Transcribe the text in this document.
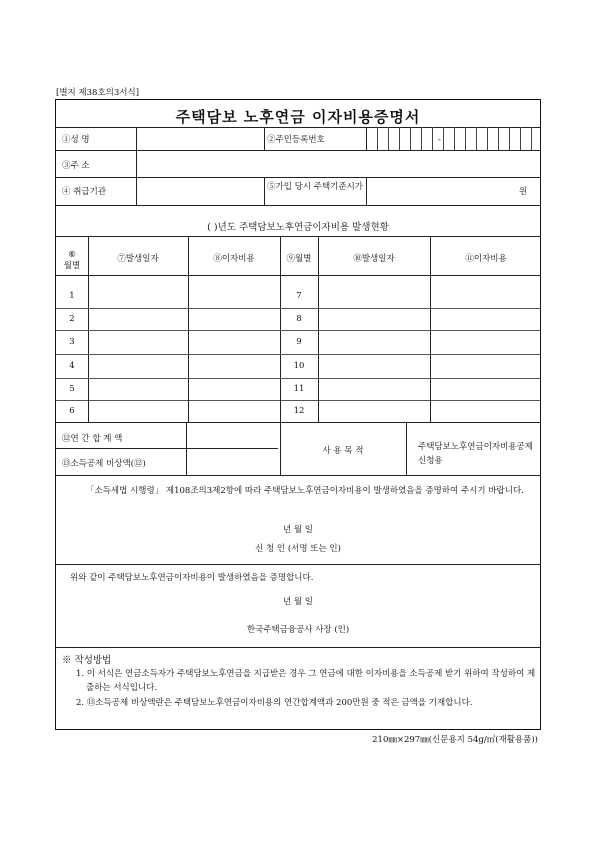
[별지 제38호의3서식]
주택담보 노후연금 이자비용증명서
①성 명	②주민등록번호	-
③주 소
④ 취급기관	⑤가입 당시 주택기준시가	원
( )년도 주택담보노후연금이자비용 발생현황
⑥
월별
⑦발생일자	⑧이자비용	⑨월별	⑩발생일자	⑪이자비용
1	7
2	8
3	9
4	10
5	11
6	12
⑫연 간 합 계 액
⑬소득공제 비상액(⑫)
사 용 목 적	주택담보노후연금이자비용공제 신청용
「소득세법 시행령」 제108조의3제2항에 따라 주택담보노후연금이자비용이 발생하였음을 증명하여 주시기 바랍니다.
년 월 일
신 청 인 (서명 또는 인)
위와 같이 주택담보노후연금이자비용이 발생하였음을 증명합니다.
년 월 일
한국주택금융공사 사장 (인)
※ 작성방법
1. 이 서식은 연금소득자가 주택담보노후연금을 지급받은 경우 그 연금에 대한 이자비용을 소득공제 받기 위하여 작성하여 제출하는 서식입니다.
2. ⑬소득공제 비상액란은 주택담보노후연금이자비용의 연간합계액과 200만원 중 적은 금액을 기재합니다.
210㎜×297㎜(신문용지 54g/㎡(재활용품))
